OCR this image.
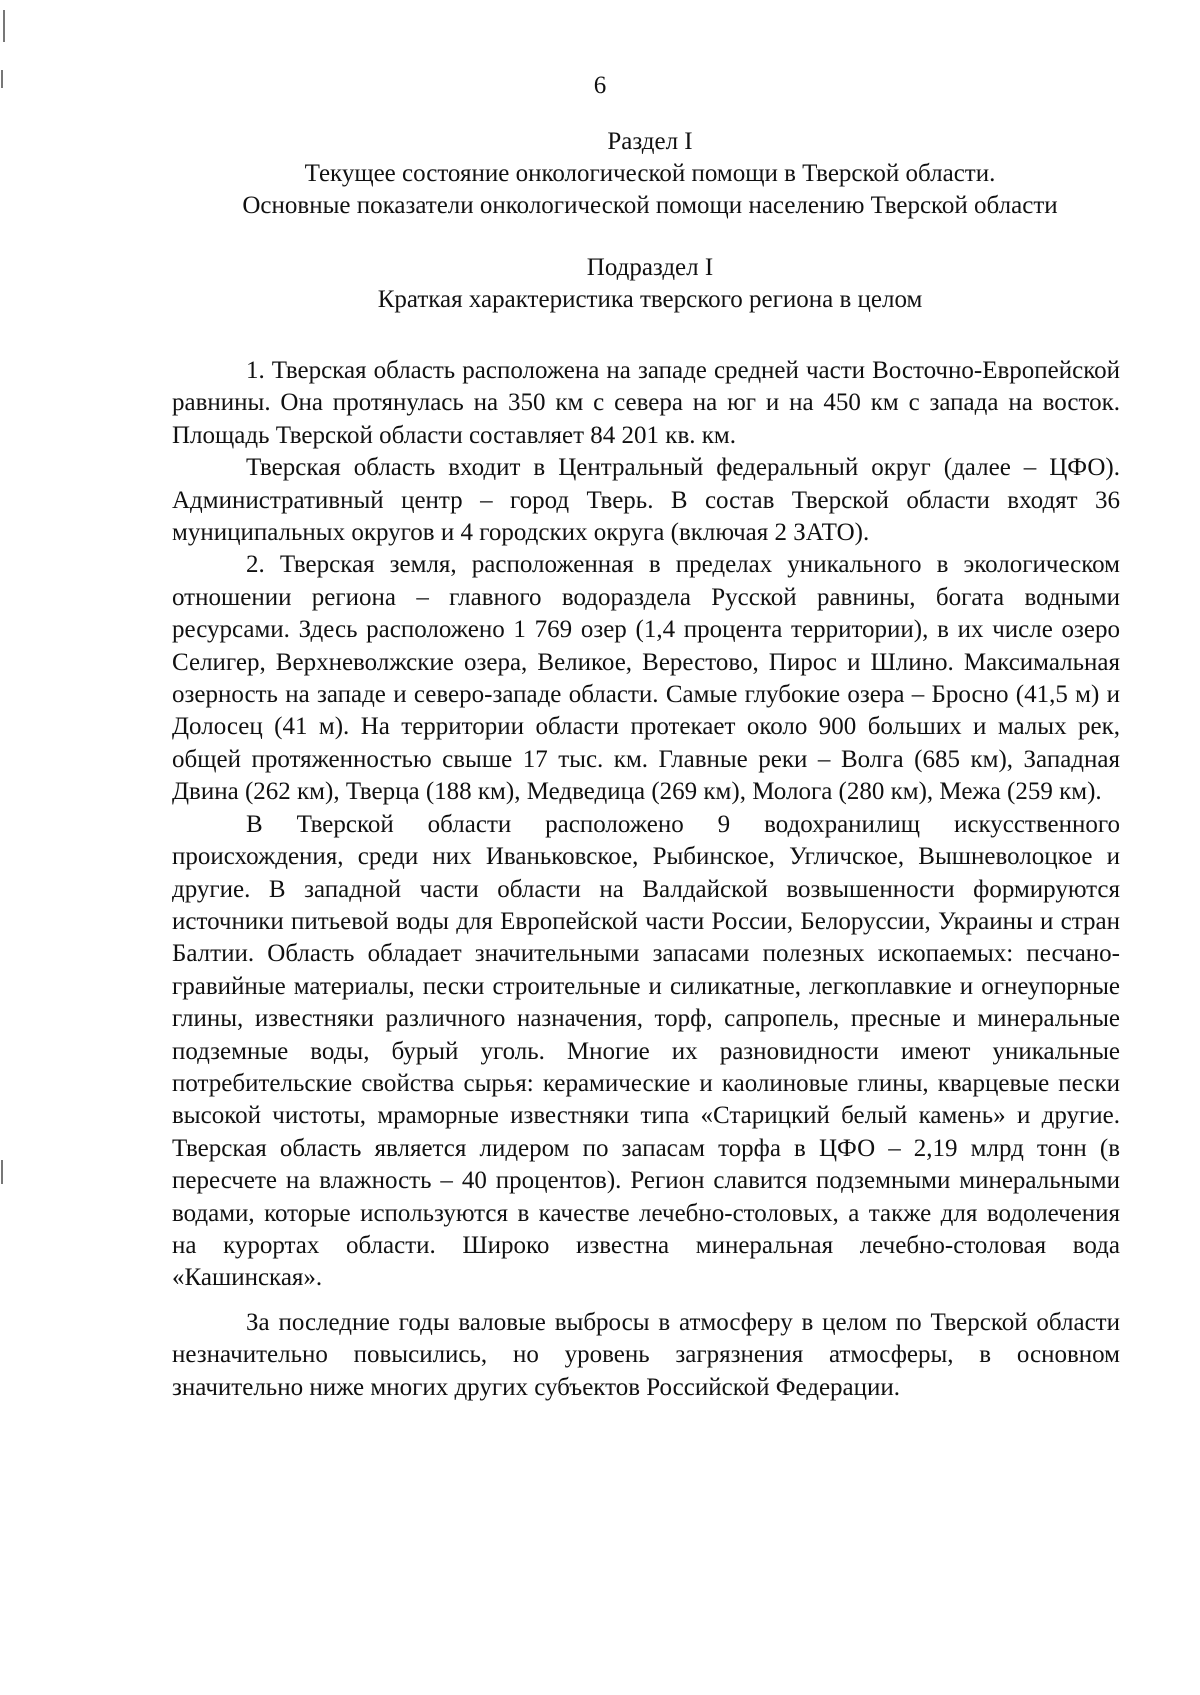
6
Раздел I
Текущее состояние онкологической помощи в Тверской области.
Основные показатели онкологической помощи населению Тверской области
Подраздел I
Краткая характеристика тверского региона в целом

1. Тверская область расположена на западе средней части Восточно-Европейской равнины. Она протянулась на 350 км с севера на юг и на 450 км с запада на восток. Площадь Тверской области составляет 84 201 кв. км.

Тверская область входит в Центральный федеральный округ (далее – ЦФО). Административный центр – город Тверь. В состав Тверской области входят 36 муниципальных округов и 4 городских округа (включая 2 ЗАТО).

2. Тверская земля, расположенная в пределах уникального в экологическом отношении региона – главного водораздела Русской равнины, богата водными ресурсами. Здесь расположено 1 769 озер (1,4 процента территории), в их числе озеро Селигер, Верхневолжские озера, Великое, Верестово, Пирос и Шлино. Максимальная озерность на западе и северо-западе области. Самые глубокие озера – Бросно (41,5 м) и Долосец (41 м). На территории области протекает около 900 больших и малых рек, общей протяженностью свыше 17 тыс. км. Главные реки – Волга (685 км), Западная Двина (262 км), Тверца (188 км), Медведица (269 км), Молога (280 км), Межа (259 км).

В Тверской области расположено 9 водохранилищ искусственного происхождения, среди них Иваньковское, Рыбинское, Угличское, Вышневолоцкое и другие. В западной части области на Валдайской возвышенности формируются источники питьевой воды для Европейской части России, Белоруссии, Украины и стран Балтии. Область обладает значительными запасами полезных ископаемых: песчано-гравийные материалы, пески строительные и силикатные, легкоплавкие и огнеупорные глины, известняки различного назначения, торф, сапропель, пресные и минеральные подземные воды, бурый уголь. Многие их разновидности имеют уникальные потребительские свойства сырья: керамические и каолиновые глины, кварцевые пески высокой чистоты, мраморные известняки типа «Старицкий белый камень» и другие. Тверская область является лидером по запасам торфа в ЦФО – 2,19 млрд тонн (в пересчете на влажность – 40 процентов). Регион славится подземными минеральными водами, которые используются в качестве лечебно-столовых, а также для водолечения на курортах области. Широко известна минеральная лечебно-столовая вода «Кашинская».

За последние годы валовые выбросы в атмосферу в целом по Тверской области незначительно повысились, но уровень загрязнения атмосферы, в основном значительно ниже многих других субъектов Российской Федерации.
